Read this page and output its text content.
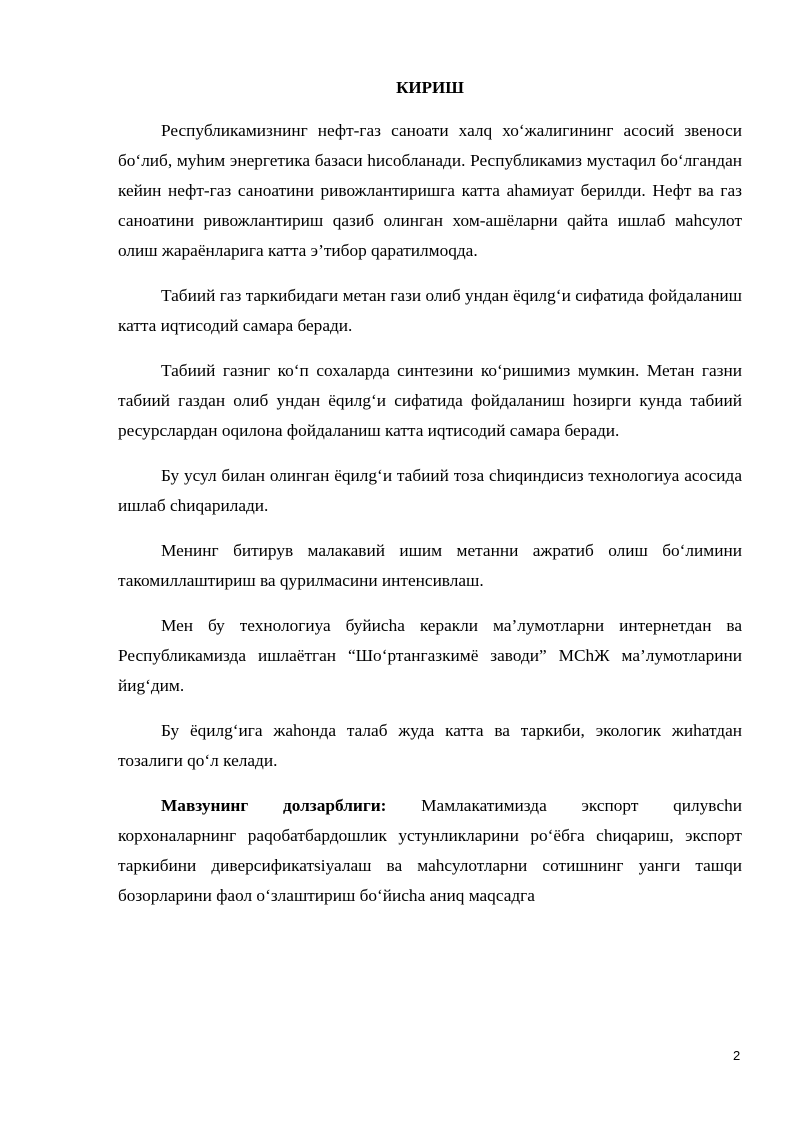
КИРИШ

Республикамизнинг нефт-газ саноати халq хо‘жалигининг асосий звеноси бо‘либ, муhим энергетика базаси hисобланади. Республикамиз мустаqил бо‘лгандан кейин нефт-газ саноатини ривожлантиришга катта аhамиуат берилди. Нефт ва газ саноатини ривожлантириш qазиб олинган хом-ашёларни qайта ишлаб маhсулот олиш жараёнларига катта э’тибор qаратилмоqда.

Табиий газ таркибидаги метан гази олиб ундан ёqилg‘и сифатида фойдаланиш катта иqтисодий самара беради.

Табиий газниг ко‘п сохаларда синтезини ко‘ришимиз мумкин. Метан газни табиий газдан олиб ундан ёqилg‘и сифатида фойдаланиш hозирги кунда табиий ресурслардан оqилона фойдаланиш катта иqтисодий самара беради.

Бу усул билан олинган ёqилg‘и табиий тоза chиqиндисиз технологиуа асосида ишлаб chиqарилади.

Менинг битирув малакавий ишим метанни ажратиб олиш бо‘лимини такомиллаштириш ва qурилмасини интенсивлаш.

Мен бу технологиуа буйисhа керакли ма’лумотларни интернетдан ва Республикамизда ишлаётган “Шо‘ртангазкимё заводи” МChЖ ма’лумотларини йиg‘дим.

Бу ёqилg‘ига жаhонда талаб жуда катта ва таркиби, экологик жиhатдан тозалиги qо‘л келади.

Мавзунинг долзарблиги: Мамлакатимизда экспорт qилувchи корхоналарнинг раqобатбардошлик устунликларини ро‘ёбга chиqариш, экспорт таркибини диверсификатsiуалаш ва маhсулотларни сотишнинг уанги ташqи бозорларини фаол о‘злаштириш бо‘йисhа аниq маqсадга

2
